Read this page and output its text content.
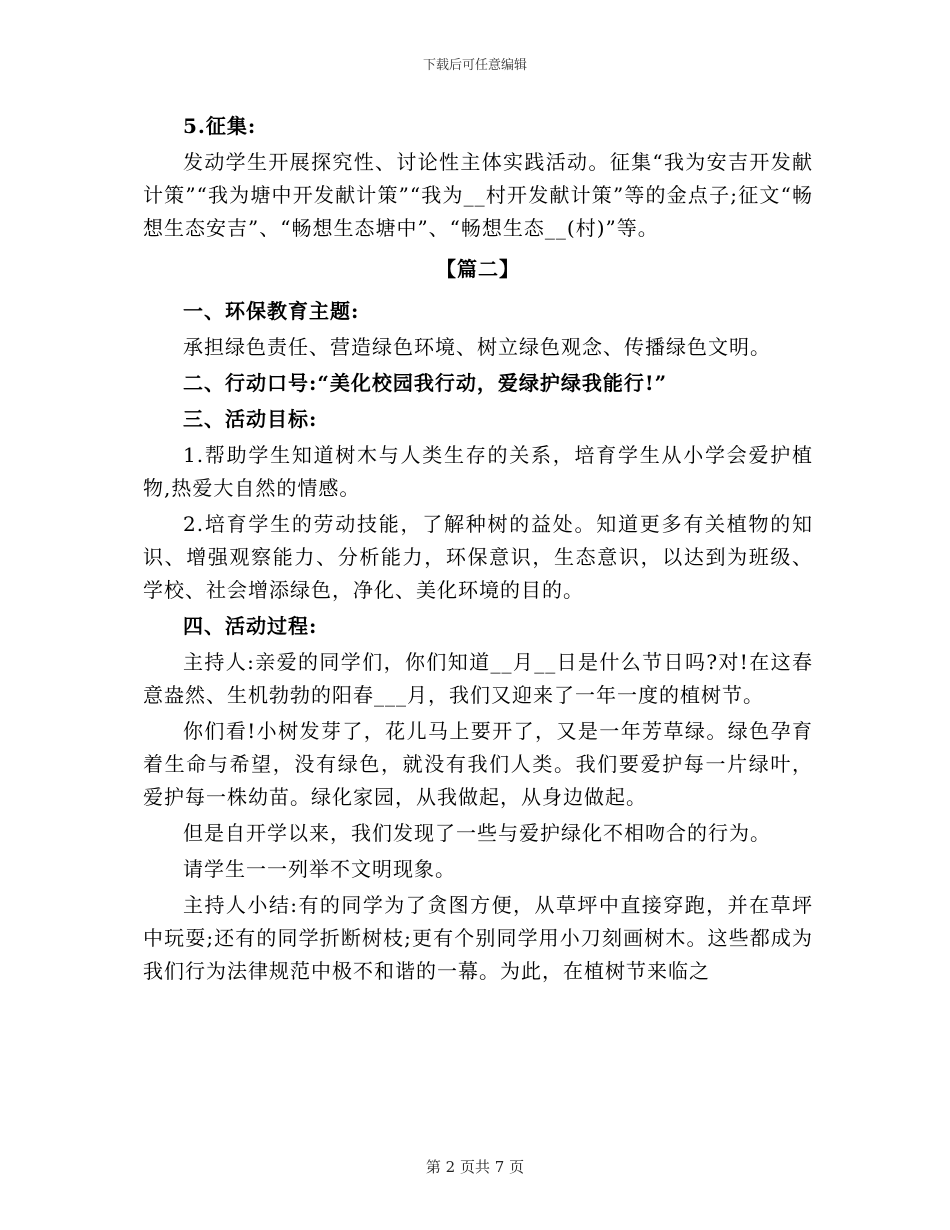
下载后可任意编辑

5.征集:

发动学生开展探究性、讨论性主体实践活动。征集“我为安吉开发献计策”“我为塘中开发献计策”“我为__村开发献计策”等的金点子;征文“畅想生态安吉”、“畅想生态塘中”、“畅想生态__(村)”等。

【篇二】

一、环保教育主题:

承担绿色责任、营造绿色环境、树立绿色观念、传播绿色文明。

二、行动口号:“美化校园我行动，爱绿护绿我能行!”

三、活动目标:

1.帮助学生知道树木与人类生存的关系，培育学生从小学会爱护植物,热爱大自然的情感。

2.培育学生的劳动技能，了解种树的益处。知道更多有关植物的知识、增强观察能力、分析能力，环保意识，生态意识，以达到为班级、学校、社会增添绿色，净化、美化环境的目的。

四、活动过程:

主持人:亲爱的同学们，你们知道__月__日是什么节日吗?对!在这春意盎然、生机勃勃的阳春___月，我们又迎来了一年一度的植树节。

你们看!小树发芽了，花儿马上要开了，又是一年芳草绿。绿色孕育着生命与希望，没有绿色，就没有我们人类。我们要爱护每一片绿叶，爱护每一株幼苗。绿化家园，从我做起，从身边做起。

但是自开学以来，我们发现了一些与爱护绿化不相吻合的行为。

请学生一一列举不文明现象。

主持人小结:有的同学为了贪图方便，从草坪中直接穿跑，并在草坪中玩耍;还有的同学折断树枝;更有个别同学用小刀刻画树木。这些都成为我们行为法律规范中极不和谐的一幕。为此，在植树节来临之

第 2 页共 7 页
